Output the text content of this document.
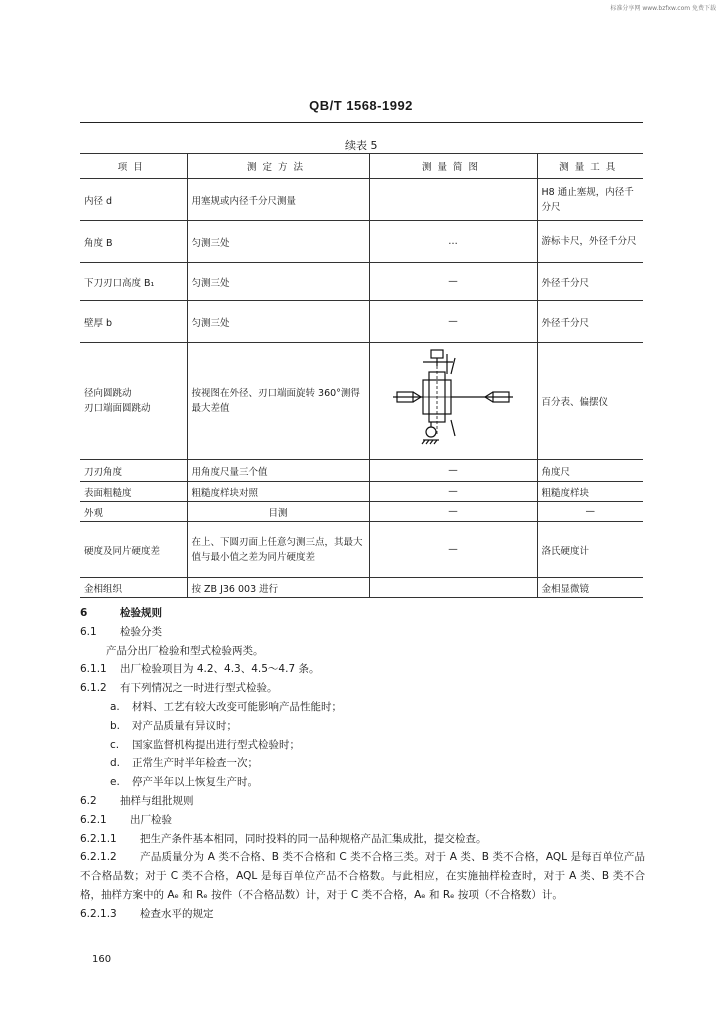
标准分享网 www.bzfxw.com 免费下载
QB/T 1568-1992
续表 5
项目	测定方法	测量简图	测量工具
内径 d	用塞规或内径千分尺测量		H8 通止塞规，内径千分尺
角度 B	匀测三处	…	游标卡尺，外径千分尺
下刀刃口高度 B₁	匀测三处	—	外径千分尺
壁厚 b	匀测三处	—	外径千分尺
径向圆跳动
刃口端面圆跳动	按视图在外径、刃口端面旋转 360°测得最大差值		百分表、偏摆仪
刀刃角度	用角度尺量三个值	—	角度尺
表面粗糙度	粗糙度样块对照	—	粗糙度样块
外观	目测	—	—
硬度及同片硬度差	在上、下圆刃面上任意匀测三点，其最大值与最小值之差为同片硬度差	—	洛氏硬度计
金相组织	按 ZB J36 003 进行		金相显微镜

6	检验规则

6.1 检验分类

产品分出厂检验和型式检验两类。

6.1.1 出厂检验项目为 4.2、4.3、4.5～4.7 条。

6.1.2 有下列情况之一时进行型式检验。

a. 材料、工艺有较大改变可能影响产品性能时；

b. 对产品质量有异议时；

c. 国家监督机构提出进行型式检验时；

d. 正常生产时半年检查一次；

e. 停产半年以上恢复生产时。

6.2 抽样与组批规则

6.2.1 出厂检验

6.2.1.1 把生产条件基本相同，同时投料的同一品种规格产品汇集成批，提交检查。

6.2.1.2 产品质量分为 A 类不合格、B 类不合格和 C 类不合格三类。对于 A 类、B 类不合格，AQL 是每百单位产品不合格品数；对于 C 类不合格，AQL 是每百单位产品不合格数。与此相应，在实施抽样检查时，对于 A 类、B 类不合格，抽样方案中的 Aₑ 和 Rₑ 按件（不合格品数）计，对于 C 类不合格，Aₑ 和 Rₑ 按项（不合格数）计。

6.2.1.3 检查水平的规定

160
